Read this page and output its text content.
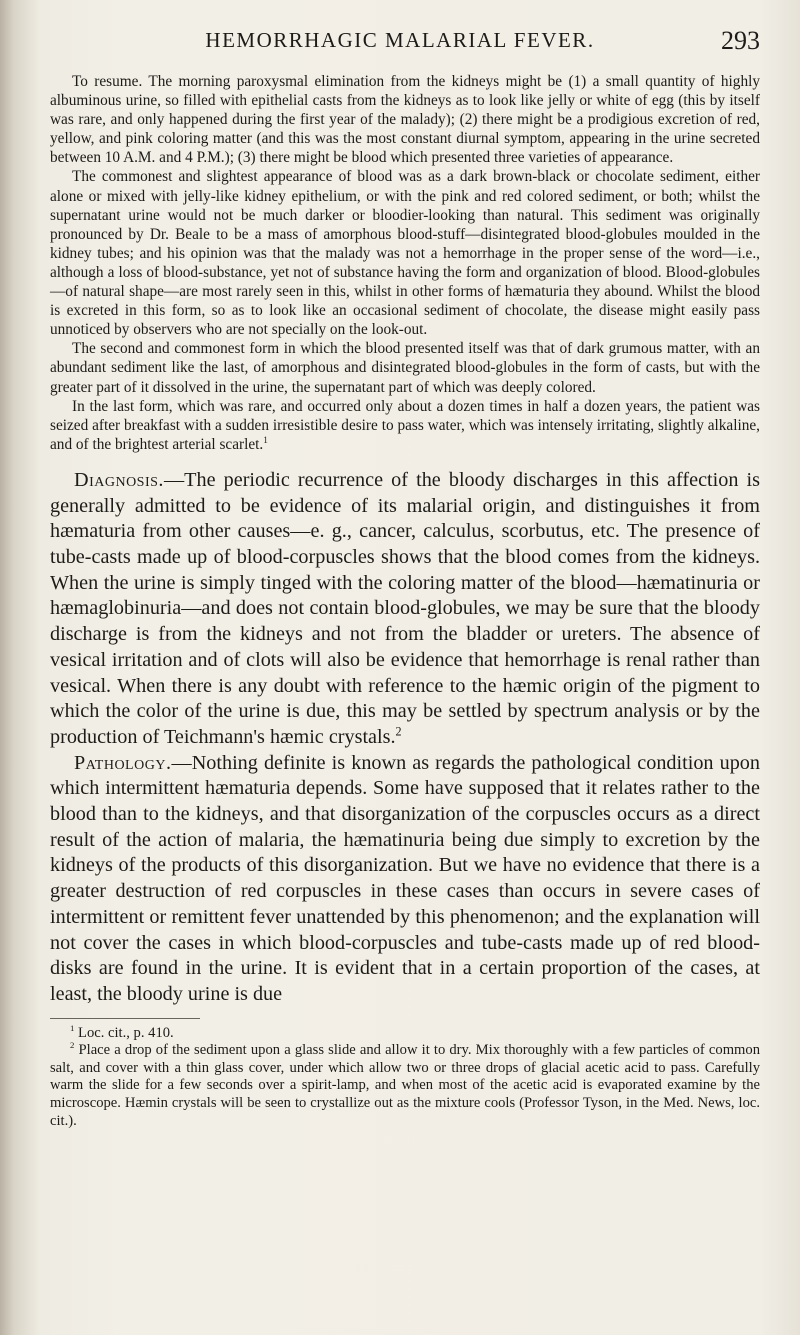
HEMORRHAGIC MALARIAL FEVER.	293

To resume. The morning paroxysmal elimination from the kidneys might be (1) a small quantity of highly albuminous urine, so filled with epithelial casts from the kidneys as to look like jelly or white of egg (this by itself was rare, and only happened during the first year of the malady); (2) there might be a prodigious excretion of red, yellow, and pink coloring matter (and this was the most constant diurnal symptom, appearing in the urine secreted between 10 A.M. and 4 P.M.); (3) there might be blood which presented three varieties of appearance.

The commonest and slightest appearance of blood was as a dark brown-black or chocolate sediment, either alone or mixed with jelly-like kidney epithelium, or with the pink and red colored sediment, or both; whilst the supernatant urine would not be much darker or bloodier-looking than natural. This sediment was originally pronounced by Dr. Beale to be a mass of amorphous blood-stuff—disintegrated blood-globules moulded in the kidney tubes; and his opinion was that the malady was not a hemorrhage in the proper sense of the word—i.e., although a loss of blood-substance, yet not of substance having the form and organization of blood. Blood-globules—of natural shape—are most rarely seen in this, whilst in other forms of hæmaturia they abound. Whilst the blood is excreted in this form, so as to look like an occasional sediment of chocolate, the disease might easily pass unnoticed by observers who are not specially on the look-out.

The second and commonest form in which the blood presented itself was that of dark grumous matter, with an abundant sediment like the last, of amorphous and disintegrated blood-globules in the form of casts, but with the greater part of it dissolved in the urine, the supernatant part of which was deeply colored.

In the last form, which was rare, and occurred only about a dozen times in half a dozen years, the patient was seized after breakfast with a sudden irresistible desire to pass water, which was intensely irritating, slightly alkaline, and of the brightest arterial scarlet.$^1$

Diagnosis.—The periodic recurrence of the bloody discharges in this affection is generally admitted to be evidence of its malarial origin, and distinguishes it from hæmaturia from other causes—e. g., cancer, calculus, scorbutus, etc. The presence of tube-casts made up of blood-corpuscles shows that the blood comes from the kidneys. When the urine is simply tinged with the coloring matter of the blood—hæmatinuria or hæmaglobinuria—and does not contain blood-globules, we may be sure that the bloody discharge is from the kidneys and not from the bladder or ureters. The absence of vesical irritation and of clots will also be evidence that hemorrhage is renal rather than vesical. When there is any doubt with reference to the hæmic origin of the pigment to which the color of the urine is due, this may be settled by spectrum analysis or by the production of Teichmann's hæmic crystals.$^2$

Pathology.—Nothing definite is known as regards the pathological condition upon which intermittent hæmaturia depends. Some have supposed that it relates rather to the blood than to the kidneys, and that disorganization of the corpuscles occurs as a direct result of the action of malaria, the hæmatinuria being due simply to excretion by the kidneys of the products of this disorganization. But we have no evidence that there is a greater destruction of red corpuscles in these cases than occurs in severe cases of intermittent or remittent fever unattended by this phenomenon; and the explanation will not cover the cases in which blood-corpuscles and tube-casts made up of red blood-disks are found in the urine. It is evident that in a certain proportion of the cases, at least, the bloody urine is due

$^1$ Loc. cit., p. 410.

$^2$ Place a drop of the sediment upon a glass slide and allow it to dry. Mix thoroughly with a few particles of common salt, and cover with a thin glass cover, under which allow two or three drops of glacial acetic acid to pass. Carefully warm the slide for a few seconds over a spirit-lamp, and when most of the acetic acid is evaporated examine by the microscope. Hæmin crystals will be seen to crystallize out as the mixture cools (Professor Tyson, in the Med. News, loc. cit.).
